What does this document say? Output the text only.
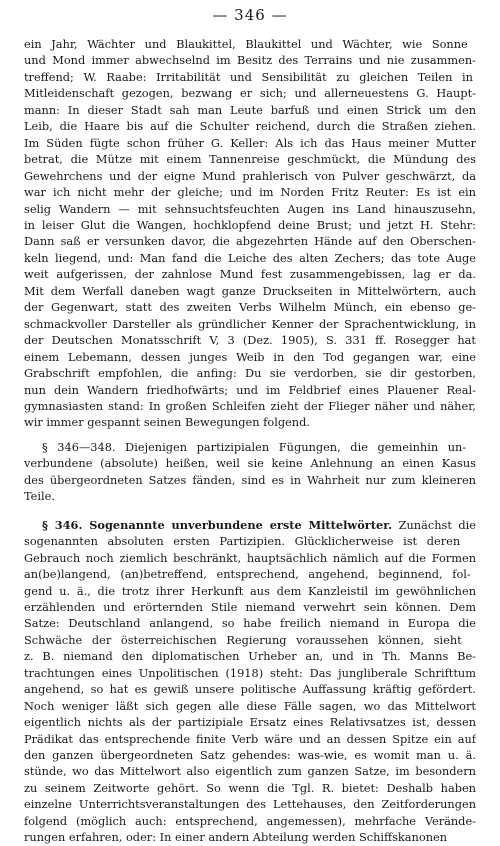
— 346 —
ein Jahr, Wächter und Blaukittel, Blaukittel und Wächter, wie Sonne
und Mond immer abwechselnd im Besitz des Terrains und nie zusammen-
treffend; W. Raabe: Irritabilität und Sensibilität zu gleichen Teilen in
Mitleidenschaft gezogen, bezwang er sich; und allerneuestens G. Haupt-
mann: In dieser Stadt sah man Leute barfuß und einen Strick um den
Leib, die Haare bis auf die Schulter reichend, durch die Straßen ziehen.
Im Süden fügte schon früher G. Keller: Als ich das Haus meiner Mutter
betrat, die Mütze mit einem Tannenreise geschmückt, die Mündung des
Gewehrchens und der eigne Mund prahlerisch von Pulver geschwärzt, da
war ich nicht mehr der gleiche; und im Norden Fritz Reuter: Es ist ein
selig Wandern — mit sehnsuchtsfeuchten Augen ins Land hinauszusehn,
in leiser Glut die Wangen, hochklopfend deine Brust; und jetzt H. Stehr:
Dann saß er versunken davor, die abgezehrten Hände auf den Oberschen-
keln liegend, und: Man fand die Leiche des alten Zechers; das tote Auge
weit aufgerissen, der zahnlose Mund fest zusammengebissen, lag er da.
Mit dem Werfall daneben wagt ganze Druckseiten in Mittelwörtern, auch
der Gegenwart, statt des zweiten Verbs Wilhelm Münch, ein ebenso ge-
schmackvoller Darsteller als gründlicher Kenner der Sprachentwicklung, in
der Deutschen Monatsschrift V, 3 (Dez. 1905), S. 331 ff. Rosegger hat
einem Lebemann, dessen junges Weib in den Tod gegangen war, eine
Grabschrift empfohlen, die anfing: Du sie verdorben, sie dir gestorben,
nun dein Wandern friedhofwärts; und im Feldbrief eines Plauener Real-
gymnasiasten stand: In großen Schleifen zieht der Flieger näher und näher,
wir immer gespannt seinen Bewegungen folgend.
§ 346—348. Diejenigen partizipialen Fügungen, die gemeinhin un-
verbundene (absolute) heißen, weil sie keine Anlehnung an einen Kasus
des übergeordneten Satzes fänden, sind es in Wahrheit nur zum kleineren
Teile.
§ 346. Sogenannte unverbundene erste Mittelwörter. Zunächst die
sogenannten absoluten ersten Partizipien. Glücklicherweise ist deren
Gebrauch noch ziemlich beschränkt, hauptsächlich nämlich auf die Formen
an(be)langend, (an)betreffend, entsprechend, angehend, beginnend, fol-
gend u. ä., die trotz ihrer Herkunft aus dem Kanzleistil im gewöhnlichen
erzählenden und erörternden Stile niemand verwehrt sein können. Dem
Satze: Deutschland anlangend, so habe freilich niemand in Europa die
Schwäche der österreichischen Regierung voraussehen können, sieht
z. B. niemand den diplomatischen Urheber an, und in Th. Manns Be-
trachtungen eines Unpolitischen (1918) steht: Das jungliberale Schrifttum
angehend, so hat es gewiß unsere politische Auffassung kräftig gefördert.
Noch weniger läßt sich gegen alle diese Fälle sagen, wo das Mittelwort
eigentlich nichts als der partizipiale Ersatz eines Relativsatzes ist, dessen
Prädikat das entsprechende finite Verb wäre und an dessen Spitze ein auf
den ganzen übergeordneten Satz gehendes: was-wie, es womit man u. ä.
stünde, wo das Mittelwort also eigentlich zum ganzen Satze, im besondern
zu seinem Zeitworte gehört. So wenn die Tgl. R. bietet: Deshalb haben
einzelne Unterrichtsveranstaltungen des Lettehauses, den Zeitforderungen
folgend (möglich auch: entsprechend, angemessen), mehrfache Verände-
rungen erfahren, oder: In einer andern Abteilung werden Schiffskanonen
